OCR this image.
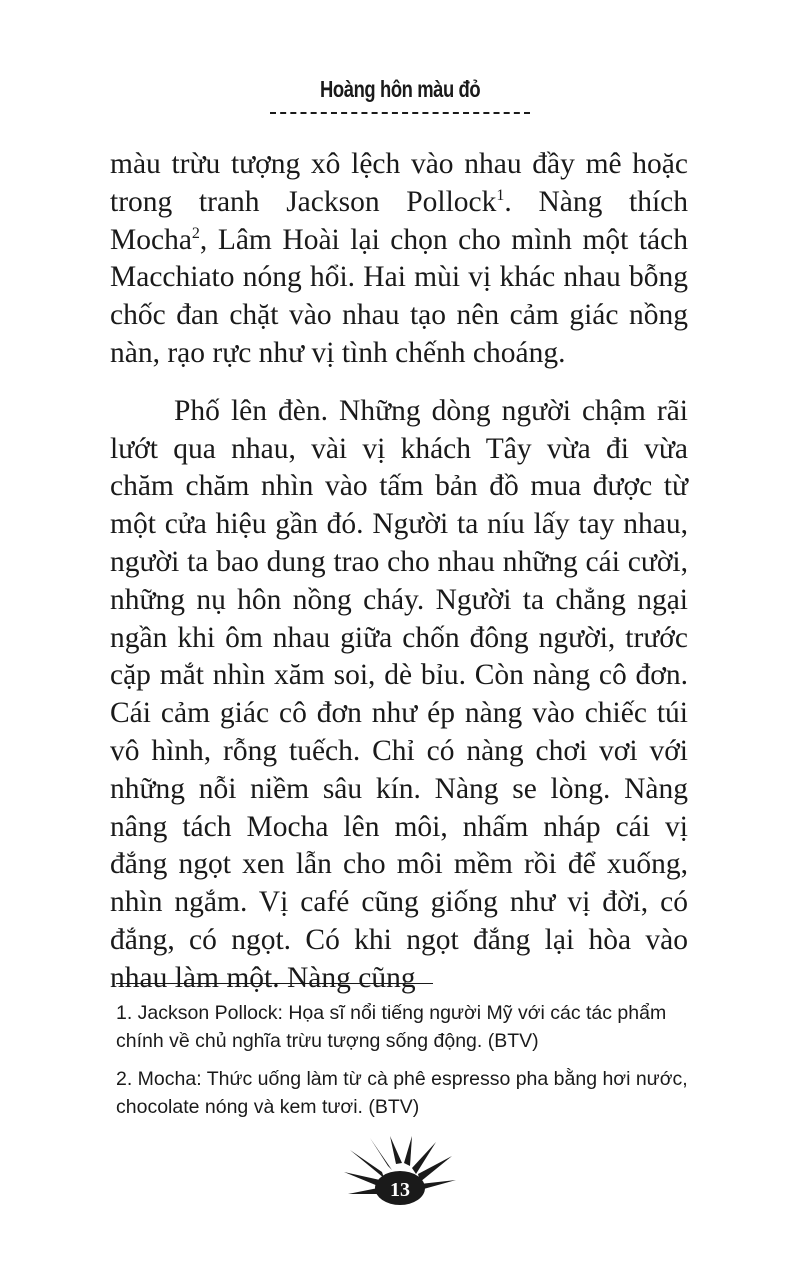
Hoàng hôn màu đỏ

màu trừu tượng xô lệch vào nhau đầy mê hoặc trong tranh Jackson Pollock$^1$. Nàng thích Mocha$^2$, Lâm Hoài lại chọn cho mình một tách Macchiato nóng hổi. Hai mùi vị khác nhau bỗng chốc đan chặt vào nhau tạo nên cảm giác nồng nàn, rạo rực như vị tình chếnh choáng.

Phố lên đèn. Những dòng người chậm rãi lướt qua nhau, vài vị khách Tây vừa đi vừa chăm chăm nhìn vào tấm bản đồ mua được từ một cửa hiệu gần đó. Người ta níu lấy tay nhau, người ta bao dung trao cho nhau những cái cười, những nụ hôn nồng cháy. Người ta chẳng ngại ngần khi ôm nhau giữa chốn đông người, trước cặp mắt nhìn xăm soi, dè bỉu. Còn nàng cô đơn. Cái cảm giác cô đơn như ép nàng vào chiếc túi vô hình, rỗng tuếch. Chỉ có nàng chơi vơi với những nỗi niềm sâu kín. Nàng se lòng. Nàng nâng tách Mocha lên môi, nhấm nháp cái vị đắng ngọt xen lẫn cho môi mềm rồi để xuống, nhìn ngắm. Vị café cũng giống như vị đời, có đắng, có ngọt. Có khi ngọt đắng lại hòa vào nhau làm một. Nàng cũng

1. Jackson Pollock: Họa sĩ nổi tiếng người Mỹ với các tác phẩm chính về chủ nghĩa trừu tượng sống động. (BTV)

2. Mocha: Thức uống làm từ cà phê espresso pha bằng hơi nước, chocolate nóng và kem tươi. (BTV)

13
